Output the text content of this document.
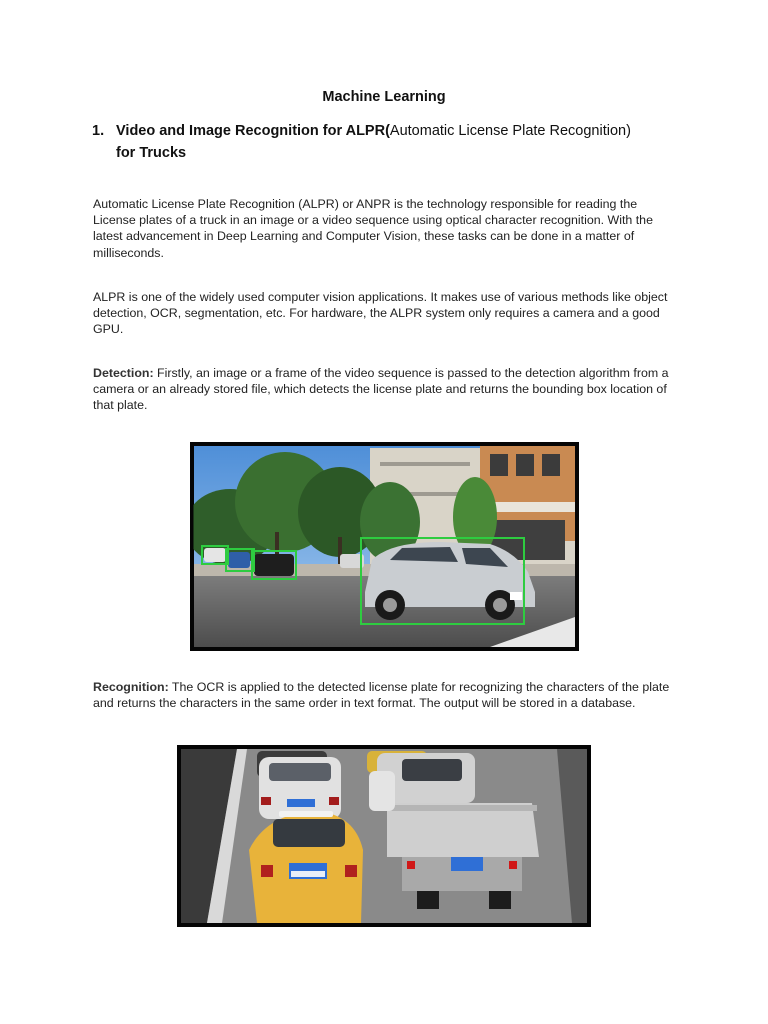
Machine Learning
1. Video and Image Recognition for ALPR(Automatic License Plate Recognition)
for Trucks

Automatic License Plate Recognition (ALPR) or ANPR is the technology responsible for reading the License plates of a truck in an image or a video sequence using optical character recognition. With the latest advancement in Deep Learning and Computer Vision, these tasks can be done in a matter of milliseconds.

ALPR is one of the widely used computer vision applications. It makes use of various methods like object detection, OCR, segmentation, etc. For hardware, the ALPR system only requires a camera and a good GPU.

Detection: Firstly, an image or a frame of the video sequence is passed to the detection algorithm from a camera or an already stored file, which detects the license plate and returns the bounding box location of that plate.

Recognition: The OCR is applied to the detected license plate for recognizing the characters of the plate and returns the characters in the same order in text format. The output will be stored in a database.
